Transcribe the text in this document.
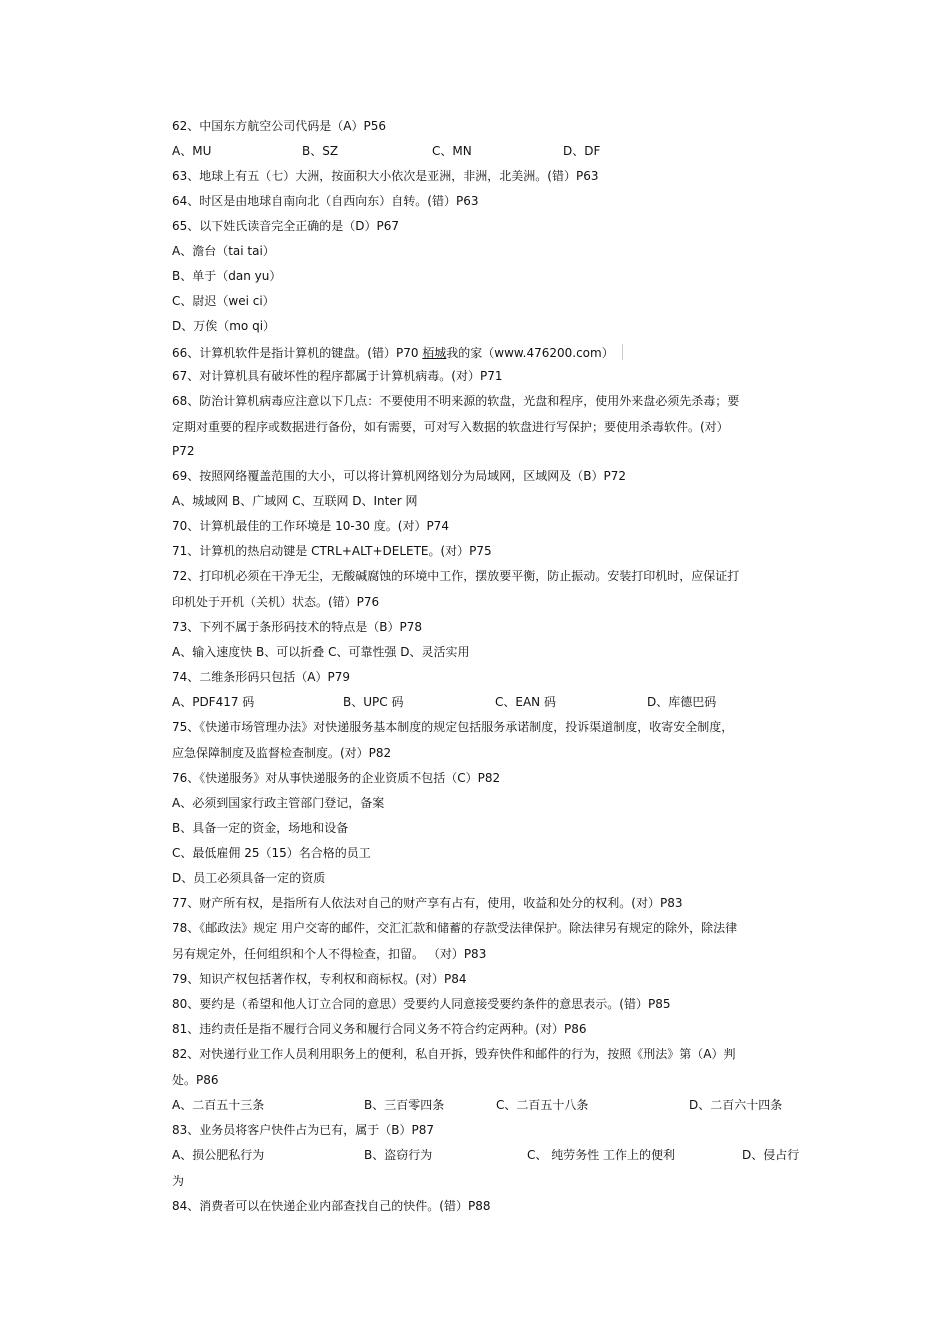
62、中国东方航空公司代码是（A）P56
A、MU	B、SZ	C、MN	D、DF
63、地球上有五（七）大洲，按面积大小依次是亚洲，非洲，北美洲。(错）P63
64、时区是由地球自南向北（自西向东）自转。(错）P63
65、以下姓氏读音完全正确的是（D）P67
A、澹台（tai tai）
B、单于（dan yu）
C、尉迟（wei ci）
D、万俟（mo qi）
66、计算机软件是指计算机的键盘。(错）P70 栢城我的家（www.476200.com）
67、对计算机具有破坏性的程序都属于计算机病毒。(对）P71
68、防治计算机病毒应注意以下几点：不要使用不明来源的软盘，光盘和程序，使用外来盘必须先杀毒；要
定期对重要的程序或数据进行备份，如有需要，可对写入数据的软盘进行写保护；要使用杀毒软件。(对）
P72
69、按照网络覆盖范围的大小，可以将计算机网络划分为局域网，区域网及（B）P72
A、城域网 B、广域网 C、互联网 D、Inter 网
70、计算机最佳的工作环境是 10-30 度。(对）P74
71、计算机的热启动键是 CTRL+ALT+DELETE。(对）P75
72、打印机必须在干净无尘，无酸碱腐蚀的环境中工作，摆放要平衡，防止振动。安装打印机时，应保证打
印机处于开机（关机）状态。(错）P76
73、下列不属于条形码技术的特点是（B）P78
A、输入速度快 B、可以折叠 C、可靠性强 D、灵活实用
74、二维条形码只包括（A）P79
A、PDF417 码	B、UPC 码	C、EAN 码	D、库德巴码
75、《快递市场管理办法》对快递服务基本制度的规定包括服务承诺制度，投诉渠道制度，收寄安全制度，
应急保障制度及监督检查制度。(对）P82
76、《快递服务》对从事快递服务的企业资质不包括（C）P82
A、必须到国家行政主管部门登记，备案
B、具备一定的资金，场地和设备
C、最低雇佣 25（15）名合格的员工
D、员工必须具备一定的资质
77、财产所有权，是指所有人依法对自己的财产享有占有，使用，收益和处分的权利。(对）P83
78、《邮政法》规定 用户交寄的邮件，交汇汇款和储蓄的存款受法律保护。除法律另有规定的除外，除法律
另有规定外，任何组织和个人不得检查，扣留。 （对）P83
79、知识产权包括著作权，专利权和商标权。(对）P84
80、要约是（希望和他人订立合同的意思）受要约人同意接受要约条件的意思表示。(错）P85
81、违约责任是指不履行合同义务和履行合同义务不符合约定两种。(对）P86
82、对快递行业工作人员利用职务上的便利，私自开拆，毁弃快件和邮件的行为，按照《刑法》第（A）判
处。P86
A、二百五十三条	B、三百零四条	C、二百五十八条	D、二百六十四条
83、业务员将客户快件占为已有，属于（B）P87
A、损公肥私行为	B、盗窃行为	C、 纯劳务性 工作上的便利	D、侵占行
为
84、消费者可以在快递企业内部查找自己的快件。(错）P88
